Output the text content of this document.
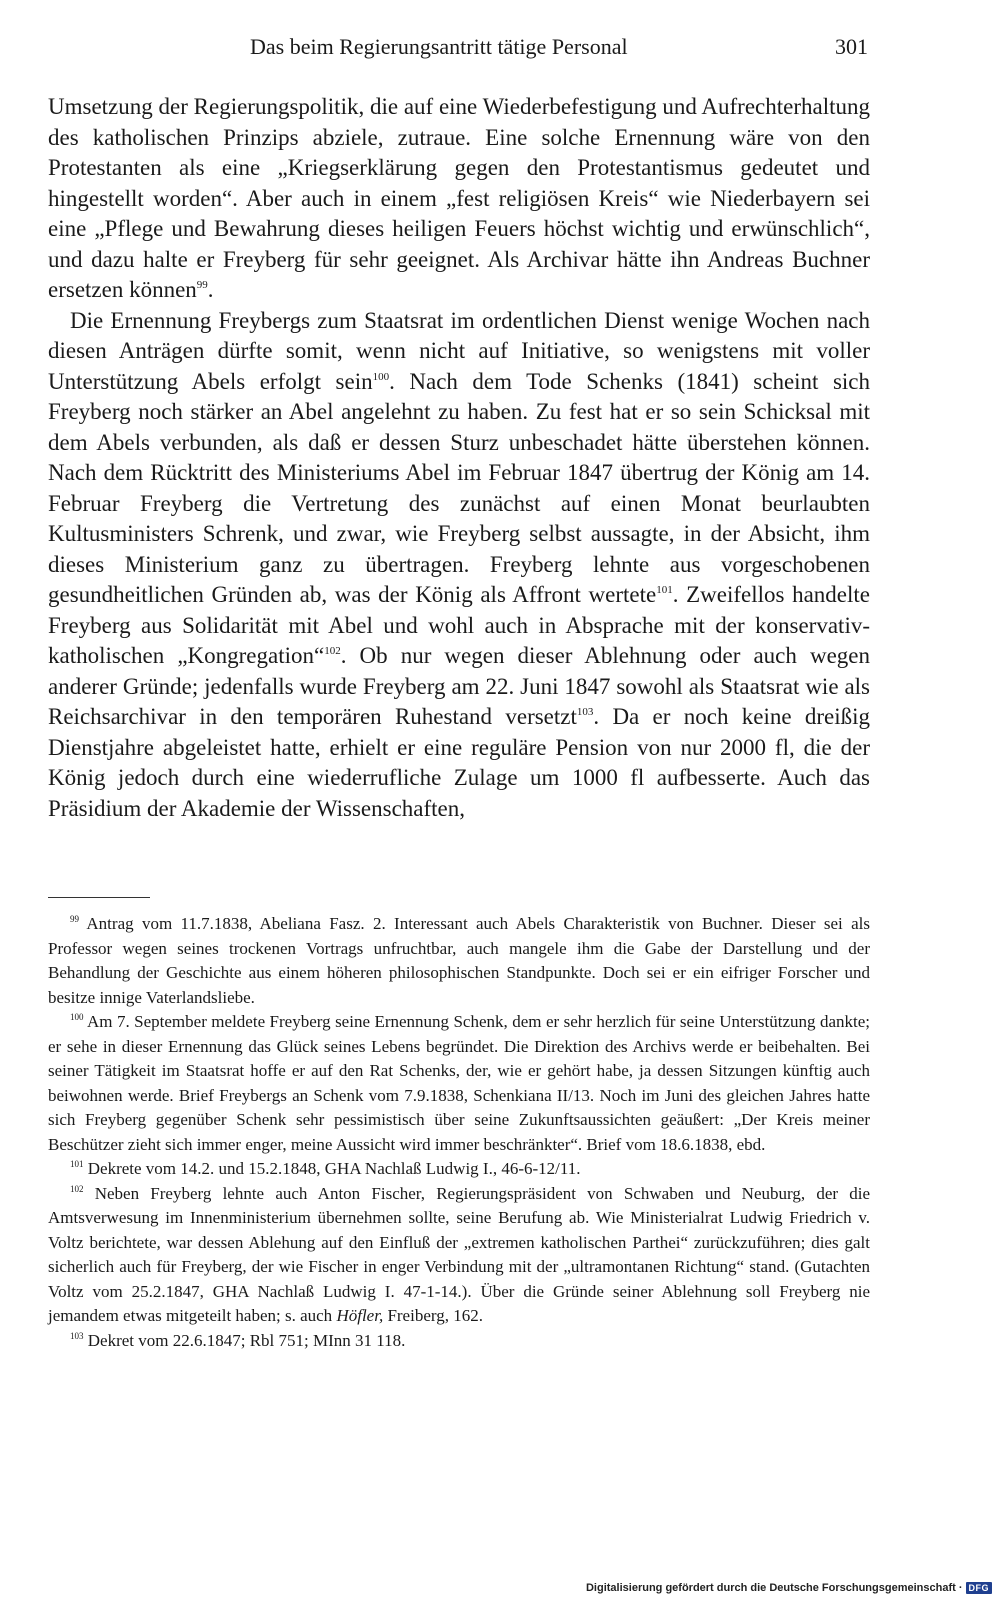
Das beim Regierungsantritt tätige Personal	301

Umsetzung der Regierungspolitik, die auf eine Wiederbefestigung und Aufrechterhaltung des katholischen Prinzips abziele, zutraue. Eine solche Ernennung wäre von den Protestanten als eine „Kriegserklärung gegen den Protestantismus gedeutet und hingestellt worden“. Aber auch in einem „fest religiösen Kreis“ wie Niederbayern sei eine „Pflege und Bewahrung dieses heiligen Feuers höchst wichtig und erwünschlich“, und dazu halte er Freyberg für sehr geeignet. Als Archivar hätte ihn Andreas Buchner ersetzen können$^{99}$.

Die Ernennung Freybergs zum Staatsrat im ordentlichen Dienst wenige Wochen nach diesen Anträgen dürfte somit, wenn nicht auf Initiative, so wenigstens mit voller Unterstützung Abels erfolgt sein$^{100}$. Nach dem Tode Schenks (1841) scheint sich Freyberg noch stärker an Abel angelehnt zu haben. Zu fest hat er so sein Schicksal mit dem Abels verbunden, als daß er dessen Sturz unbeschadet hätte überstehen können. Nach dem Rücktritt des Ministeriums Abel im Februar 1847 übertrug der König am 14. Februar Freyberg die Vertretung des zunächst auf einen Monat beurlaubten Kultusministers Schrenk, und zwar, wie Freyberg selbst aussagte, in der Absicht, ihm dieses Ministerium ganz zu übertragen. Freyberg lehnte aus vorgeschobenen gesundheitlichen Gründen ab, was der König als Affront wertete$^{101}$. Zweifellos handelte Freyberg aus Solidarität mit Abel und wohl auch in Absprache mit der konservativ-katholischen „Kongregation“$^{102}$. Ob nur wegen dieser Ablehnung oder auch wegen anderer Gründe; jedenfalls wurde Freyberg am 22. Juni 1847 sowohl als Staatsrat wie als Reichsarchivar in den temporären Ruhestand versetzt$^{103}$. Da er noch keine dreißig Dienstjahre abgeleistet hatte, erhielt er eine reguläre Pension von nur 2000 fl, die der König jedoch durch eine wiederrufliche Zulage um 1000 fl aufbesserte. Auch das Präsidium der Akademie der Wissenschaften,

$^{99}$ Antrag vom 11.7.1838, Abeliana Fasz. 2. Interessant auch Abels Charakteristik von Buchner. Dieser sei als Professor wegen seines trockenen Vortrags unfruchtbar, auch mangele ihm die Gabe der Darstellung und der Behandlung der Geschichte aus einem höheren philosophischen Standpunkte. Doch sei er ein eifriger Forscher und besitze innige Vaterlandsliebe.

$^{100}$ Am 7. September meldete Freyberg seine Ernennung Schenk, dem er sehr herzlich für seine Unterstützung dankte; er sehe in dieser Ernennung das Glück seines Lebens begründet. Die Direktion des Archivs werde er beibehalten. Bei seiner Tätigkeit im Staatsrat hoffe er auf den Rat Schenks, der, wie er gehört habe, ja dessen Sitzungen künftig auch beiwohnen werde. Brief Freybergs an Schenk vom 7.9.1838, Schenkiana II/13. Noch im Juni des gleichen Jahres hatte sich Freyberg gegenüber Schenk sehr pessimistisch über seine Zukunftsaussichten geäußert: „Der Kreis meiner Beschützer zieht sich immer enger, meine Aussicht wird immer beschränkter“. Brief vom 18.6.1838, ebd.

$^{101}$ Dekrete vom 14.2. und 15.2.1848, GHA Nachlaß Ludwig I., 46-6-12/11.

$^{102}$ Neben Freyberg lehnte auch Anton Fischer, Regierungspräsident von Schwaben und Neuburg, der die Amtsverwesung im Innenministerium übernehmen sollte, seine Berufung ab. Wie Ministerialrat Ludwig Friedrich v. Voltz berichtete, war dessen Ablehung auf den Einfluß der „extremen katholischen Parthei“ zurückzuführen; dies galt sicherlich auch für Freyberg, der wie Fischer in enger Verbindung mit der „ultramontanen Richtung“ stand. (Gutachten Voltz vom 25.2.1847, GHA Nachlaß Ludwig I. 47-1-14.). Über die Gründe seiner Ablehnung soll Freyberg nie jemandem etwas mitgeteilt haben; s. auch Höfler, Freiberg, 162.

$^{103}$ Dekret vom 22.6.1847; Rbl 751; MInn 31 118.

Digitalisierung gefördert durch die Deutsche Forschungsgemeinschaft · DFG
